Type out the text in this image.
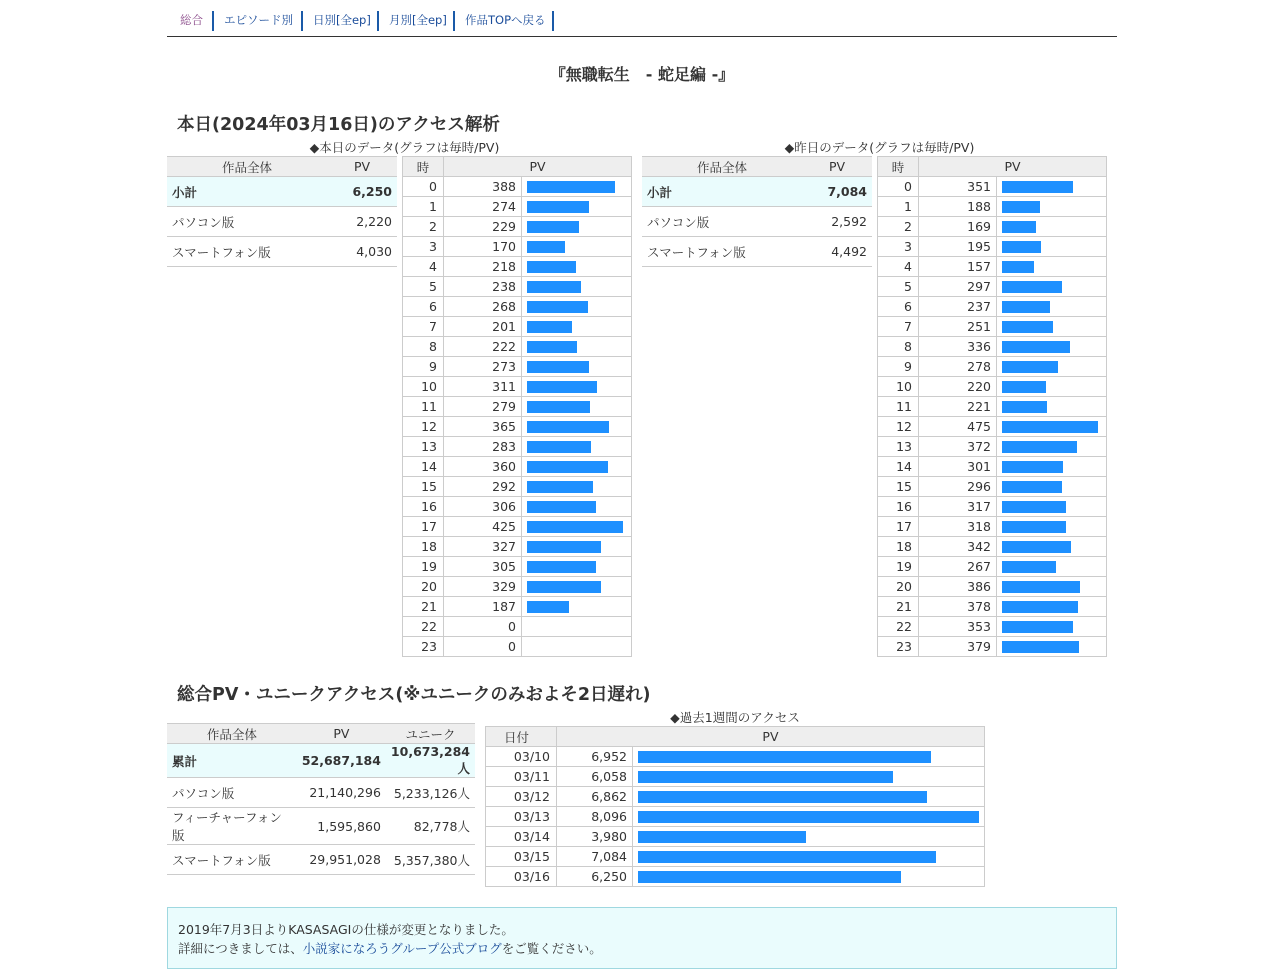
総合 エピソード別 日別[全ep] 月別[全ep] 作品TOPへ戻る
『無職転生　- 蛇足編 -』
本日(2024年03月16日)のアクセス解析
◆本日のデータ(グラフは毎時/PV)
作品全体	PV
小計	6,250
パソコン版	2,220
スマートフォン版	4,030
時	PV	
0	388	

1	274	

2	229	

3	170	

4	218	

5	238	

6	268	

7	201	

8	222	

9	273	

10	311	

11	279	

12	365	

13	283	

14	360	

15	292	

16	306	

17	425	

18	327	

19	305	

20	329	

21	187	

22	0	
23	0	
◆昨日のデータ(グラフは毎時/PV)
作品全体	PV
小計	7,084
パソコン版	2,592
スマートフォン版	4,492
時	PV	
0	351	

1	188	

2	169	

3	195	

4	157	

5	297	

6	237	

7	251	

8	336	

9	278	

10	220	

11	221	

12	475	

13	372	

14	301	

15	296	

16	317	

17	318	

18	342	

19	267	

20	386	

21	378	

22	353	

23	379	
総合PV・ユニークアクセス(※ユニークのみおよそ2日遅れ)
作品全体	PV	ユニーク
累計	52,687,184	10,673,284人
パソコン版	21,140,296	5,233,126人
フィーチャーフォン版	1,595,860	82,778人
スマートフォン版	29,951,028	5,357,380人
◆過去1週間のアクセス
日付	PV	
03/10	6,952	

03/11	6,058	

03/12	6,862	

03/13	8,096	

03/14	3,980	

03/15	7,084	

03/16	6,250	

2019年7月3日よりKASASAGIの仕様が変更となりました。

詳細につきましては、小説家になろうグループ公式ブログをご覧ください。
